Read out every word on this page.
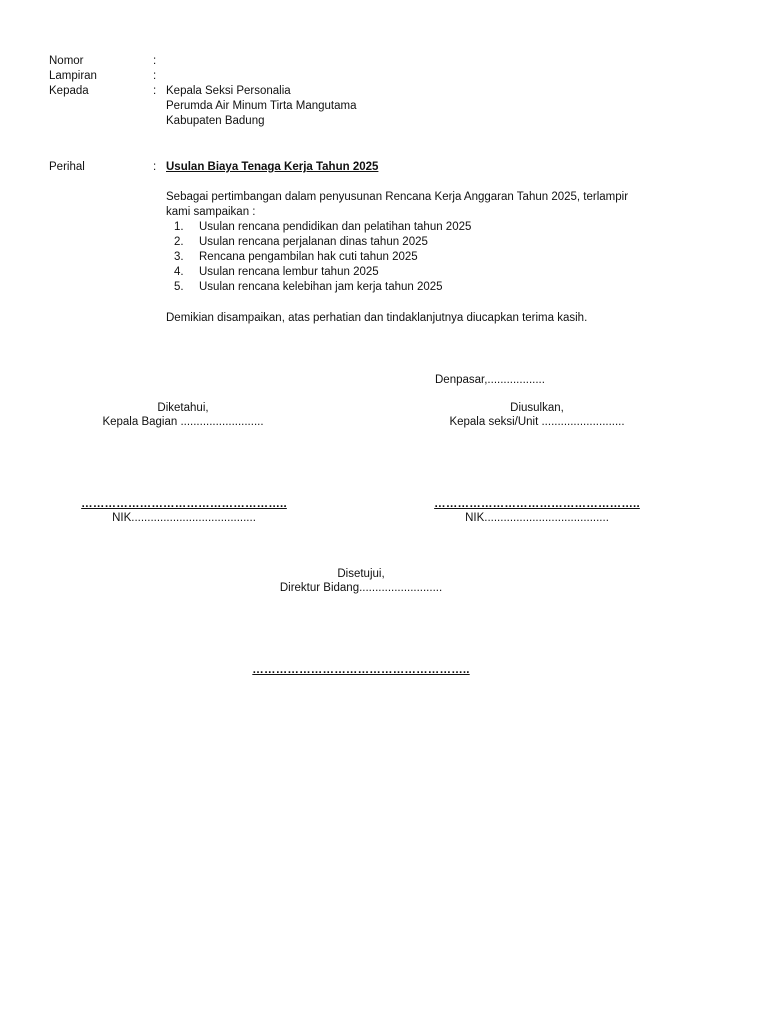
Nomor	:
Lampiran	:
Kepada	: Kepala Seksi Personalia
Perumda Air Minum Tirta Mangutama
Kabupaten Badung
Perihal	: Usulan Biaya Tenaga Kerja Tahun 2025
Sebagai pertimbangan dalam penyusunan Rencana Kerja Anggaran Tahun 2025, terlampir
kami sampaikan :
1. Usulan rencana pendidikan dan pelatihan tahun 2025
2. Usulan rencana perjalanan dinas tahun 2025
3. Rencana pengambilan hak cuti tahun 2025
4. Usulan rencana lembur tahun 2025
5. Usulan rencana kelebihan jam kerja tahun 2025
Demikian disampaikan, atas perhatian dan tindaklanjutnya diucapkan terima kasih.
Denpasar,..................
Diketahui,
Kepala Bagian ..........................
……………………………………………..
NIK.......................................
Diusulkan,
Kepala seksi/Unit ..........................
……………………………………………..
NIK.......................................
Disetujui,
Direktur Bidang..........................
………………………………………………..
